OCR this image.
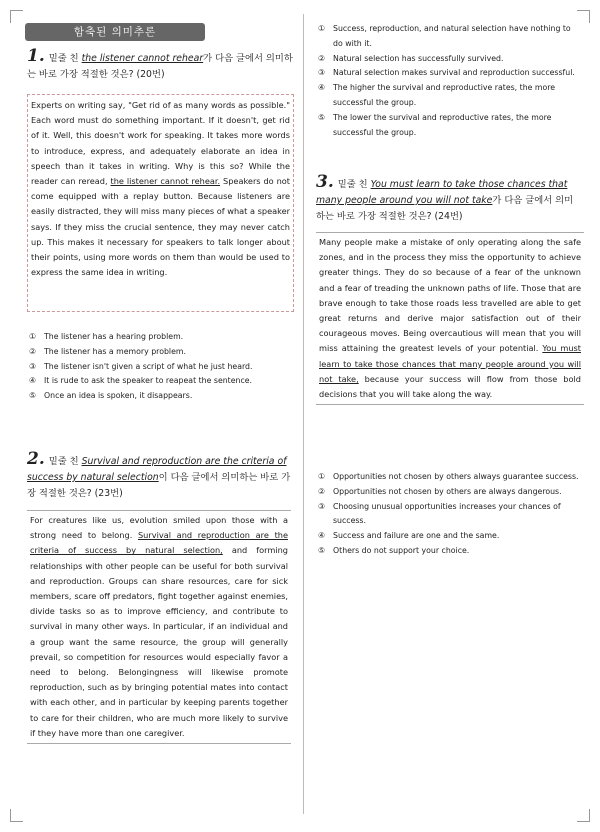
함축된 의미추론
1. 밑줄 친 the listener cannot rehear가 다음 글에서 의미하는 바로 가장 적절한 것은? (20번)
Experts on writing say, "Get rid of as many words as possible." Each word must do something important. If it doesn't, get rid of it. Well, this doesn't work for speaking. It takes more words to introduce, express, and adequately elaborate an idea in speech than it takes in writing. Why is this so? While the reader can reread, the listener cannot rehear. Speakers do not come equipped with a replay button. Because listeners are easily distracted, they will miss many pieces of what a speaker says. If they miss the crucial sentence, they may never catch up. This makes it necessary for speakers to talk longer about their points, using more words on them than would be used to express the same idea in writing.
①	The listener has a hearing problem.
②	The listener has a memory problem.
③	The listener isn't given a script of what he just heard.
④	It is rude to ask the speaker to reapeat the sentence.
⑤	Once an idea is spoken, it disappears.
2. 밑줄 친 Survival and reproduction are the criteria of success by natural selection이 다음 글에서 의미하는 바로 가장 적절한 것은? (23번)
For creatures like us, evolution smiled upon those with a strong need to belong. Survival and reproduction are the criteria of success by natural selection, and forming relationships with other people can be useful for both survival and reproduction. Groups can share resources, care for sick members, scare off predators, fight together against enemies, divide tasks so as to improve efficiency, and contribute to survival in many other ways. In particular, if an individual and a group want the same resource, the group will generally prevail, so competition for resources would especially favor a need to belong. Belongingness will likewise promote reproduction, such as by bringing potential mates into contact with each other, and in particular by keeping parents together to care for their children, who are much more likely to survive if they have more than one caregiver.
①	Success, reproduction, and natural selection have nothing to do with it.
②	Natural selection has successfully survived.
③	Natural selection makes survival and reproduction successful.
④	The higher the survival and reproductive rates, the more successful the group.
⑤	The lower the survival and reproductive rates, the more successful the group.
3. 밑줄 친 You must learn to take those chances that many people around you will not take가 다음 글에서 의미하는 바로 가장 적절한 것은? (24번)
Many people make a mistake of only operating along the safe zones, and in the process they miss the opportunity to achieve greater things. They do so because of a fear of the unknown and a fear of treading the unknown paths of life. Those that are brave enough to take those roads less travelled are able to get great returns and derive major satisfaction out of their courageous moves. Being overcautious will mean that you will miss attaining the greatest levels of your potential. You must learn to take those chances that many people around you will not take, because your success will flow from those bold decisions that you will take along the way.
①	Opportunities not chosen by others always guarantee success.
②	Opportunities not chosen by others are always dangerous.
③	Choosing unusual opportunities increases your chances of success.
④	Success and failure are one and the same.
⑤	Others do not support your choice.
